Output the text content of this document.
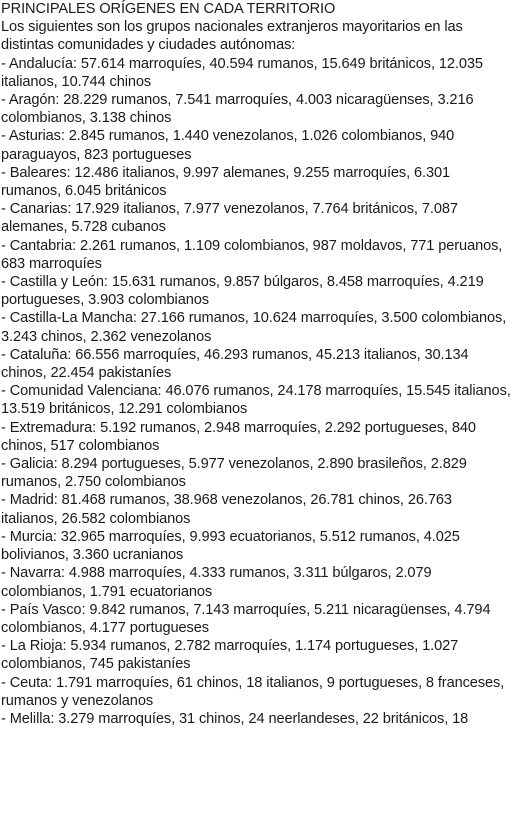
PRINCIPALES ORÍGENES EN CADA TERRITORIO

Los siguientes son los grupos nacionales extranjeros mayoritarios en las distintas comunidades y ciudades autónomas:

- Andalucía: 57.614 marroquíes, 40.594 rumanos, 15.649 británicos, 12.035 italianos, 10.744 chinos
- Aragón: 28.229 rumanos, 7.541 marroquíes, 4.003 nicaragüenses, 3.216 colombianos, 3.138 chinos
- Asturias: 2.845 rumanos, 1.440 venezolanos, 1.026 colombianos, 940 paraguayos, 823 portugueses
- Baleares: 12.486 italianos, 9.997 alemanes, 9.255 marroquíes, 6.301 rumanos, 6.045 británicos
- Canarias: 17.929 italianos, 7.977 venezolanos, 7.764 británicos, 7.087 alemanes, 5.728 cubanos
- Cantabria: 2.261 rumanos, 1.109 colombianos, 987 moldavos, 771 peruanos, 683 marroquíes
- Castilla y León: 15.631 rumanos, 9.857 búlgaros, 8.458 marroquíes, 4.219 portugueses, 3.903 colombianos
- Castilla-La Mancha: 27.166 rumanos, 10.624 marroquíes, 3.500 colombianos, 3.243 chinos, 2.362 venezolanos
- Cataluña: 66.556 marroquíes, 46.293 rumanos, 45.213 italianos, 30.134 chinos, 22.454 pakistaníes
- Comunidad Valenciana: 46.076 rumanos, 24.178 marroquíes, 15.545 italianos, 13.519 británicos, 12.291 colombianos
- Extremadura: 5.192 rumanos, 2.948 marroquíes, 2.292 portugueses, 840 chinos, 517 colombianos
- Galicia: 8.294 portugueses, 5.977 venezolanos, 2.890 brasileños, 2.829 rumanos, 2.750 colombianos
- Madrid: 81.468 rumanos, 38.968 venezolanos, 26.781 chinos, 26.763 italianos, 26.582 colombianos
- Murcia: 32.965 marroquíes, 9.993 ecuatorianos, 5.512 rumanos, 4.025 bolivianos, 3.360 ucranianos
- Navarra: 4.988 marroquíes, 4.333 rumanos, 3.311 búlgaros, 2.079 colombianos, 1.791 ecuatorianos
- País Vasco: 9.842 rumanos, 7.143 marroquíes, 5.211 nicaragüenses, 4.794 colombianos, 4.177 portugueses
- La Rioja: 5.934 rumanos, 2.782 marroquíes, 1.174 portugueses, 1.027 colombianos, 745 pakistaníes
- Ceuta: 1.791 marroquíes, 61 chinos, 18 italianos, 9 portugueses, 8 franceses, rumanos y venezolanos
- Melilla: 3.279 marroquíes, 31 chinos, 24 neerlandeses, 22 británicos, 18
